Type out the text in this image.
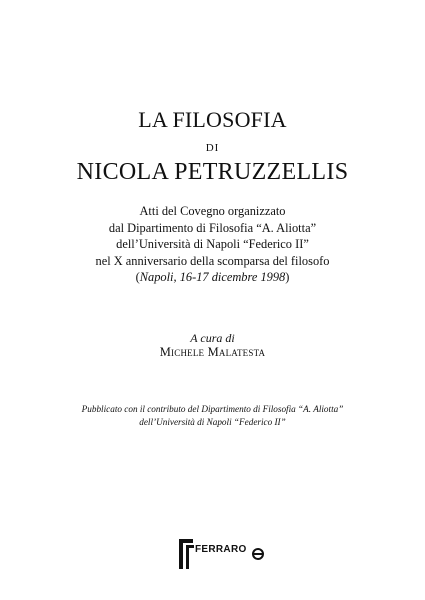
LA FILOSOFIA
DI
NICOLA PETRUZZELLIS
Atti del Covegno organizzato
dal Dipartimento di Filosofia “A. Aliotta”
dell’Università di Napoli “Federico II”
nel X anniversario della scomparsa del filosofo
(Napoli, 16-17 dicembre 1998)
A cura di
Michele Malatesta
Pubblicato con il contributo del Dipartimento di Filosofia “A. Aliotta”
dell’Università di Napoli “Federico II”
FERRARO
